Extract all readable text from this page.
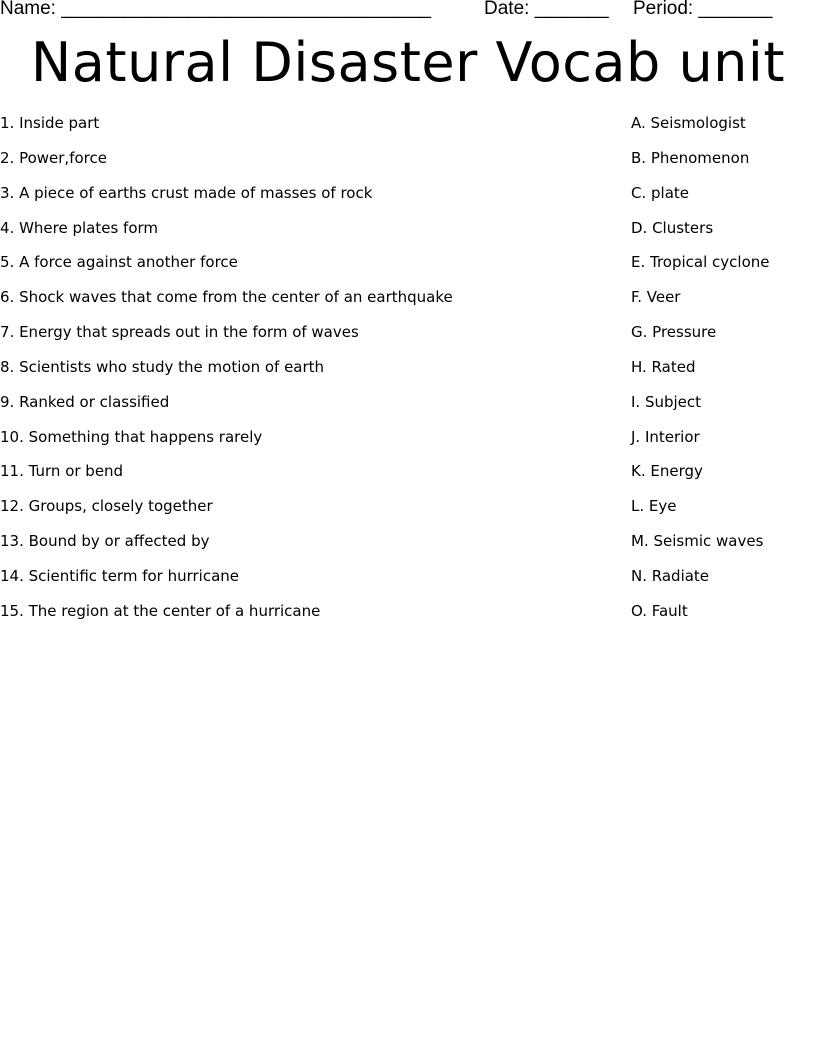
Name: ___________________________________	Date: _______ Period: _______
Natural Disaster Vocab unit
1. Inside part	A. Seismologist
2. Power,force	B. Phenomenon
3. A piece of earths crust made of masses of rock	C. plate
4. Where plates form	D. Clusters
5. A force against another force	E. Tropical cyclone
6. Shock waves that come from the center of an earthquake	F. Veer
7. Energy that spreads out in the form of waves	G. Pressure
8. Scientists who study the motion of earth	H. Rated
9. Ranked or classified	I. Subject
10. Something that happens rarely	J. Interior
11. Turn or bend	K. Energy
12. Groups, closely together	L. Eye
13. Bound by or affected by	M. Seismic waves
14. Scientific term for hurricane	N. Radiate
15. The region at the center of a hurricane	O. Fault
